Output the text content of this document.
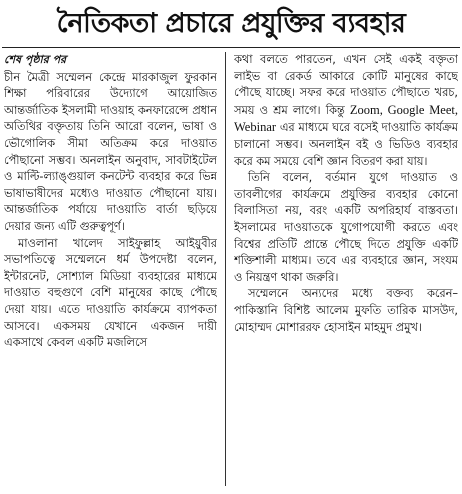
নৈতিকতা প্রচারে প্রযুক্তির ব্যবহার
শেষ পৃষ্ঠার পর

চীন মৈত্রী সম্মেলন কেন্দ্রে মারকাজুল ফুরকান শিক্ষা পরিবারের উদ্যোগে আয়োজিত আন্তর্জাতিক ইসলামী দাওয়াহ কনফারেন্সে প্রধান অতিথির বক্তৃতায় তিনি আরো বলেন, ভাষা ও ভৌগোলিক সীমা অতিক্রম করে দাওয়াত পৌছানো সম্ভব। অনলাইন অনুবাদ, সাবটাইটেল ও মাল্টি-ল্যাঙ্গুয়াল কনটেন্ট ব্যবহার করে ভিন্ন ভাষাভাষীদের মধ্যেও দাওয়াত পৌছানো যায়। আন্তর্জাতিক পর্যায়ে দাওয়াতি বার্তা ছড়িয়ে দেয়ার জন্য এটি গুরুত্বপূর্ণ।

মাওলানা খালেদ সাইফুল্লাহ আইয়ুবীর সভাপতিত্বে সম্মেলনে ধর্ম উপদেষ্টা বলেন, ইন্টারনেট, সোশ্যাল মিডিয়া ব্যবহারের মাধ্যমে দাওয়াত বহুগুণে বেশি মানুষের কাছে পৌছে দেয়া যায়। এতে দাওয়াতি কার্যক্রমে ব্যাপকতা আসবে। একসময় যেখানে একজন দায়ী একসাথে কেবল একটি মজলিসে

কথা বলতে পারতেন, এখন সেই একই বক্তৃতা লাইভ বা রেকর্ড আকারে কোটি মানুষের কাছে পৌছে যাচ্ছে। সফর করে দাওয়াত পৌছাতে খরচ, সময় ও শ্রম লাগে। কিন্তু Zoom, Google Meet, Webinar এর মাধ্যমে ঘরে বসেই দাওয়াতি কার্যক্রম চালানো সম্ভব। অনলাইন বই ও ভিডিও ব্যবহার করে কম সময়ে বেশি জ্ঞান বিতরণ করা যায়।

তিনি বলেন, বর্তমান যুগে দাওয়াত ও তাবলীগের কার্যক্রমে প্রযুক্তির ব্যবহার কোনো বিলাসিতা নয়, বরং একটি অপরিহার্য বাস্তবতা। ইসলামের দাওয়াতকে যুগোপযোগী করতে এবং বিশ্বের প্রতিটি প্রান্তে পৌছে দিতে প্রযুক্তি একটি শক্তিশালী মাধ্যম। তবে এর ব্যবহারে জ্ঞান, সংযম ও নিয়ন্ত্রণ থাকা জরুরি।

সম্মেলনে অন্যদের মধ্যে বক্তব্য করেন– পাকিস্তানি বিশিষ্ট আলেম মুফতি তারিক মাসউদ, মোহাম্মদ মোশাররফ হোসাইন মাহমুদ প্রমুখ।
